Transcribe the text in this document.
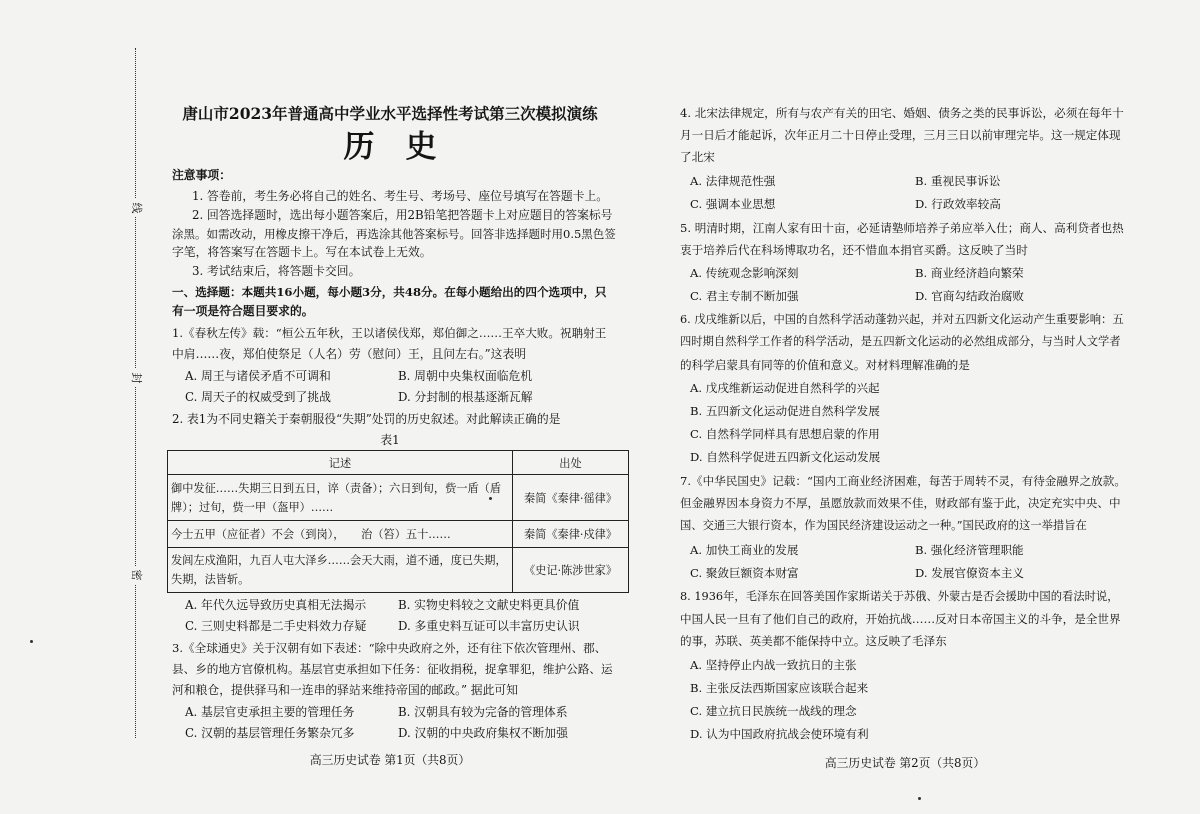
线
封
密
唐山市2023年普通高中学业水平选择性考试第三次模拟演练
历　史
注意事项：
1. 答卷前，考生务必将自己的姓名、考生号、考场号、座位号填写在答题卡上。
2. 回答选择题时，选出每小题答案后，用2B铅笔把答题卡上对应题目的答案标号
涂黑。如需改动，用橡皮擦干净后，再选涂其他答案标号。回答非选择题时用0.5黑色签
字笔，将答案写在答题卡上。写在本试卷上无效。
3. 考试结束后，将答题卡交回。
一、选择题：本题共16小题，每小题3分，共48分。在每小题给出的四个选项中，只
有一项是符合题目要求的。
1.《春秋左传》载：“桓公五年秋，王以诸侯伐郑，郑伯御之……王卒大败。祝聃射王
中肩……夜，郑伯使祭足（人名）劳（慰问）王，且问左右。”这表明
A. 周王与诸侯矛盾不可调和	B. 周朝中央集权面临危机
C. 周天子的权威受到了挑战	D. 分封制的根基逐渐瓦解
2. 表1为不同史籍关于秦朝服役“失期”处罚的历史叙述。对此解读正确的是
表1
记述	出处

御中发征……失期三日到五日，谇（责备）；六日到旬，赀一盾（盾
牌）；过旬，赀一甲（盔甲）……	秦简《秦律·徭律》

今士五甲（应征者）不会（到岗），　　治（笞）五十……	秦简《秦律·戍律》

发闾左戍渔阳，九百人屯大泽乡……会天大雨，道不通，度已失期，
失期，法皆斩。	《史记·陈涉世家》
A. 年代久远导致历史真相无法揭示	B. 实物史料较之文献史料更具价值
C. 三则史料都是二手史料效力存疑	D. 多重史料互证可以丰富历史认识
3.《全球通史》关于汉朝有如下表述：“除中央政府之外，还有往下依次管理州、郡、
县、乡的地方官僚机构。基层官吏承担如下任务：征收捐税，捉拿罪犯，维护公路、运
河和粮仓，提供驿马和一连串的驿站来维持帝国的邮政。” 据此可知
A. 基层官吏承担主要的管理任务	B. 汉朝具有较为完备的管理体系
C. 汉朝的基层管理任务繁杂冗多	D. 汉朝的中央政府集权不断加强
高三历史试卷 第1页（共8页）
4. 北宋法律规定，所有与农产有关的田宅、婚姻、债务之类的民事诉讼，必须在每年十
月一日后才能起诉，次年正月二十日停止受理，三月三日以前审理完毕。这一规定体现
了北宋
A. 法律规范性强	B. 重视民事诉讼
C. 强调本业思想	D. 行政效率较高
5. 明清时期，江南人家有田十亩，必延请塾师培养子弟应举入仕；商人、高利贷者也热
衷于培养后代在科场博取功名，还不惜血本捐官买爵。这反映了当时
A. 传统观念影响深刻	B. 商业经济趋向繁荣
C. 君主专制不断加强	D. 官商勾结政治腐败
6. 戊戌维新以后，中国的自然科学活动蓬勃兴起，并对五四新文化运动产生重要影响：五
四时期自然科学工作者的科学活动，是五四新文化运动的必然组成部分，与当时人文学者
的科学启蒙具有同等的价值和意义。对材料理解准确的是
A. 戊戌维新运动促进自然科学的兴起
B. 五四新文化运动促进自然科学发展
C. 自然科学同样具有思想启蒙的作用
D. 自然科学促进五四新文化运动发展
7.《中华民国史》记载：“国内工商业经济困难，每苦于周转不灵，有待金融界之放款。
但金融界因本身资力不厚，虽愿放款而效果不佳，财政部有鉴于此，决定充实中央、中
国、交通三大银行资本，作为国民经济建设运动之一种。”国民政府的这一举措旨在
A. 加快工商业的发展	B. 强化经济管理职能
C. 聚敛巨额资本财富	D. 发展官僚资本主义
8. 1936年，毛泽东在回答美国作家斯诺关于苏俄、外蒙古是否会援助中国的看法时说，
中国人民一旦有了他们自己的政府，开始抗战……反对日本帝国主义的斗争，是全世界
的事，苏联、英美都不能保持中立。这反映了毛泽东
A. 坚持停止内战一致抗日的主张
B. 主张反法西斯国家应该联合起来
C. 建立抗日民族统一战线的理念
D. 认为中国政府抗战会使环境有利
高三历史试卷 第2页（共8页）
